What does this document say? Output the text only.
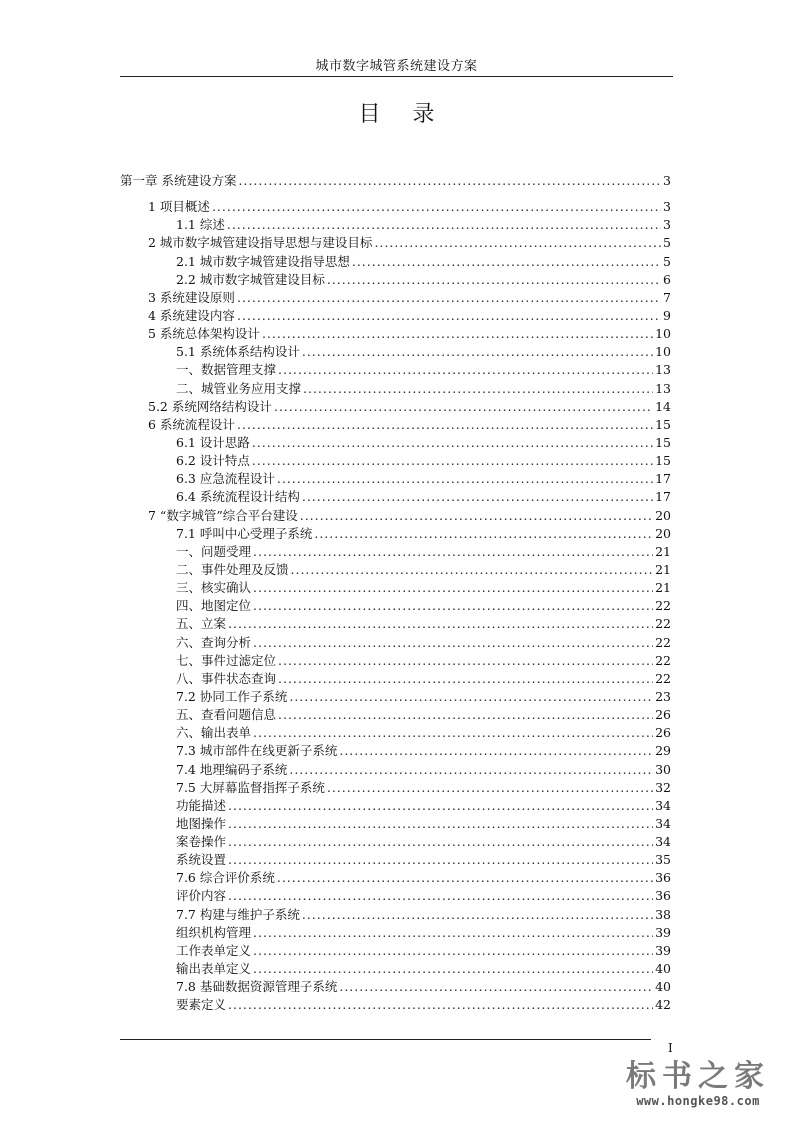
城市数字城管系统建设方案
目录
第一章 系统建设方案 .....	3
1 项目概述 .....	3
1.1 综述 .....	3
2 城市数字城管建设指导思想与建设目标 .....	5
2.1 城市数字城管建设指导思想 .....	5
2.2 城市数字城管建设目标 .....	6
3 系统建设原则 .....	7
4 系统建设内容 .....	9
5 系统总体架构设计 .....	10
5.1 系统体系结构设计 .....	10
一、数据管理支撑 .....	13
二、城管业务应用支撑 .....	13
5.2 系统网络结构设计 .....	14
6 系统流程设计 .....	15
6.1 设计思路 .....	15
6.2 设计特点 .....	15
6.3 应急流程设计 .....	17
6.4 系统流程设计结构 .....	17
7 “数字城管”综合平台建设 .....	20
7.1 呼叫中心受理子系统 .....	20
一、问题受理 .....	21
二、事件处理及反馈 .....	21
三、核实确认 .....	21
四、地图定位 .....	22
五、立案 .....	22
六、查询分析 .....	22
七、事件过滤定位 .....	22
八、事件状态查询 .....	22
7.2 协同工作子系统 .....	23
五、查看问题信息 .....	26
六、输出表单 .....	26
7.3 城市部件在线更新子系统 .....	29
7.4 地理编码子系统 .....	30
7.5 大屏幕监督指挥子系统 .....	32
功能描述 .....	34
地图操作 .....	34
案卷操作 .....	34
系统设置 .....	35
7.6 综合评价系统 .....	36
评价内容 .....	36
7.7 构建与维护子系统 .....	38
组织机构管理 .....	39
工作表单定义 .....	39
输出表单定义 .....	40
7.8 基础数据资源管理子系统 .....	40
要素定义 .....	42
I
标书之家
www.hongke98.com
